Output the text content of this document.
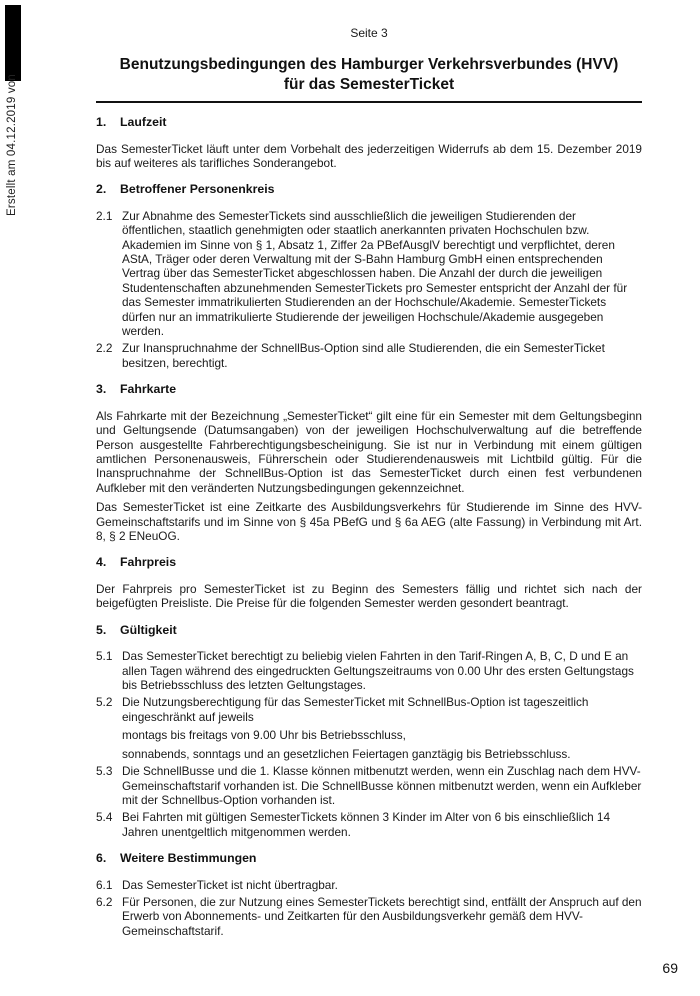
Erstellt am 04.12.2019 von
Seite 3
Benutzungsbedingungen des Hamburger Verkehrsverbundes (HVV)
für das SemesterTicket
1.	Laufzeit

Das SemesterTicket läuft unter dem Vorbehalt des jederzeitigen Widerrufs ab dem 15. Dezember 2019 bis auf weiteres als tarifliches Sonderangebot.

2.	Betroffener Personenkreis
2.1 Zur Abnahme des SemesterTickets sind ausschließlich die jeweiligen Studierenden der öffentlichen, staatlich genehmigten oder staatlich anerkannten privaten Hochschulen bzw. Akademien im Sinne von § 1, Absatz 1, Ziffer 2a PBefAusglV berechtigt und verpflichtet, deren AStA, Träger oder deren Verwaltung mit der S-Bahn Hamburg GmbH einen entsprechenden Vertrag über das SemesterTicket abgeschlossen haben. Die Anzahl der durch die jeweiligen Studentenschaften abzunehmenden SemesterTickets pro Semester entspricht der Anzahl der für das Semester immatrikulierten Studierenden an der Hochschule/Akademie. SemesterTickets dürfen nur an immatrikulierte Studierende der jeweiligen Hochschule/Akademie ausgegeben werden.
2.2 Zur Inanspruchnahme der SchnellBus-Option sind alle Studierenden, die ein SemesterTicket besitzen, berechtigt.
3.	Fahrkarte

Als Fahrkarte mit der Bezeichnung „SemesterTicket“ gilt eine für ein Semester mit dem Geltungsbeginn und Geltungsende (Datumsangaben) von der jeweiligen Hochschulverwaltung auf die betreffende Person ausgestellte Fahrberechtigungsbescheinigung. Sie ist nur in Verbindung mit einem gültigen amtlichen Personenausweis, Führerschein oder Studierendenausweis mit Lichtbild gültig. Für die Inanspruchnahme der SchnellBus-Option ist das SemesterTicket durch einen fest verbundenen Aufkleber mit den veränderten Nutzungsbedingungen gekennzeichnet.

Das SemesterTicket ist eine Zeitkarte des Ausbildungsverkehrs für Studierende im Sinne des HVV-Gemeinschaftstarifs und im Sinne von § 45a PBefG und § 6a AEG (alte Fassung) in Verbindung mit Art. 8, § 2 ENeuOG.

4.	Fahrpreis

Der Fahrpreis pro SemesterTicket ist zu Beginn des Semesters fällig und richtet sich nach der beigefügten Preisliste. Die Preise für die folgenden Semester werden gesondert beantragt.

5.	Gültigkeit
5.1 Das SemesterTicket berechtigt zu beliebig vielen Fahrten in den Tarif-Ringen A, B, C, D und E an allen Tagen während des eingedruckten Geltungszeitraums von 0.00 Uhr des ersten Geltungstags bis Betriebsschluss des letzten Geltungstages.
5.2 Die Nutzungsberechtigung für das SemesterTicket mit SchnellBus-Option ist tageszeitlich eingeschränkt auf jeweils
montags bis freitags von 9.00 Uhr bis Betriebsschluss,
sonnabends, sonntags und an gesetzlichen Feiertagen ganztägig bis Betriebsschluss.
5.3 Die SchnellBusse und die 1. Klasse können mitbenutzt werden, wenn ein Zuschlag nach dem HVV-Gemeinschaftstarif vorhanden ist. Die SchnellBusse können mitbenutzt werden, wenn ein Aufkleber mit der Schnellbus-Option vorhanden ist.
5.4 Bei Fahrten mit gültigen SemesterTickets können 3 Kinder im Alter von 6 bis einschließlich 14 Jahren unentgeltlich mitgenommen werden.
6.	Weitere Bestimmungen
6.1 Das SemesterTicket ist nicht übertragbar.
6.2 Für Personen, die zur Nutzung eines SemesterTickets berechtigt sind, entfällt der Anspruch auf den Erwerb von Abonnements- und Zeitkarten für den Ausbildungsverkehr gemäß dem HVV-Gemeinschaftstarif.
69
